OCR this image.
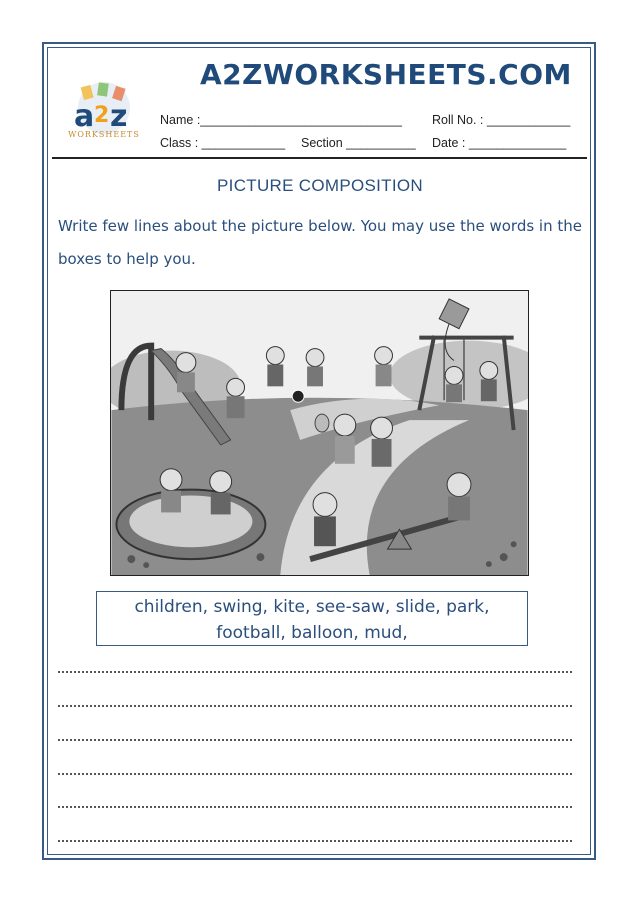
a 2 z
WORKSHEETS
A2ZWORKSHEETS.COM
Name :_____________________________ Roll No. : ____________
Class : ____________ Section __________ Date : ______________
PICTURE COMPOSITION
Write few lines about the picture below. You may use the words in the boxes to help you.
children, swing, kite, see-saw, slide, park, football, balloon, mud,
